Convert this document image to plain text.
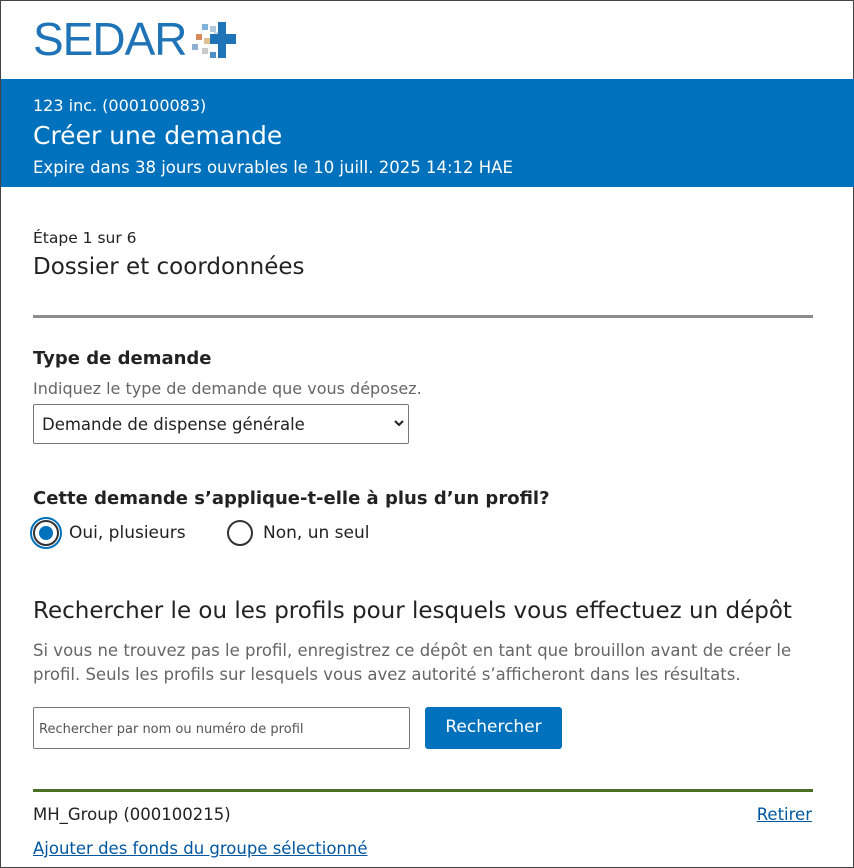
SEDAR
123 inc. (000100083)
Créer une demande
Expire dans 38 jours ouvrables le 10 juill. 2025 14:12 HAE
Étape 1 sur 6
Dossier et coordonnées
Type de demande
Indiquez le type de demande que vous déposez.
Demande de dispense générale
Cette demande s’applique-t-elle à plus d’un profil?
Oui, plusieurs	Non, un seul
Rechercher le ou les profils pour lesquels vous effectuez un dépôt
Si vous ne trouvez pas le profil, enregistrez ce dépôt en tant que brouillon avant de créer le profil. Seuls les profils sur lesquels vous avez autorité s’afficheront dans les résultats.
Rechercher par nom ou numéro de profil	Rechercher
MH_Group (000100215)	Retirer
Ajouter des fonds du groupe sélectionné
